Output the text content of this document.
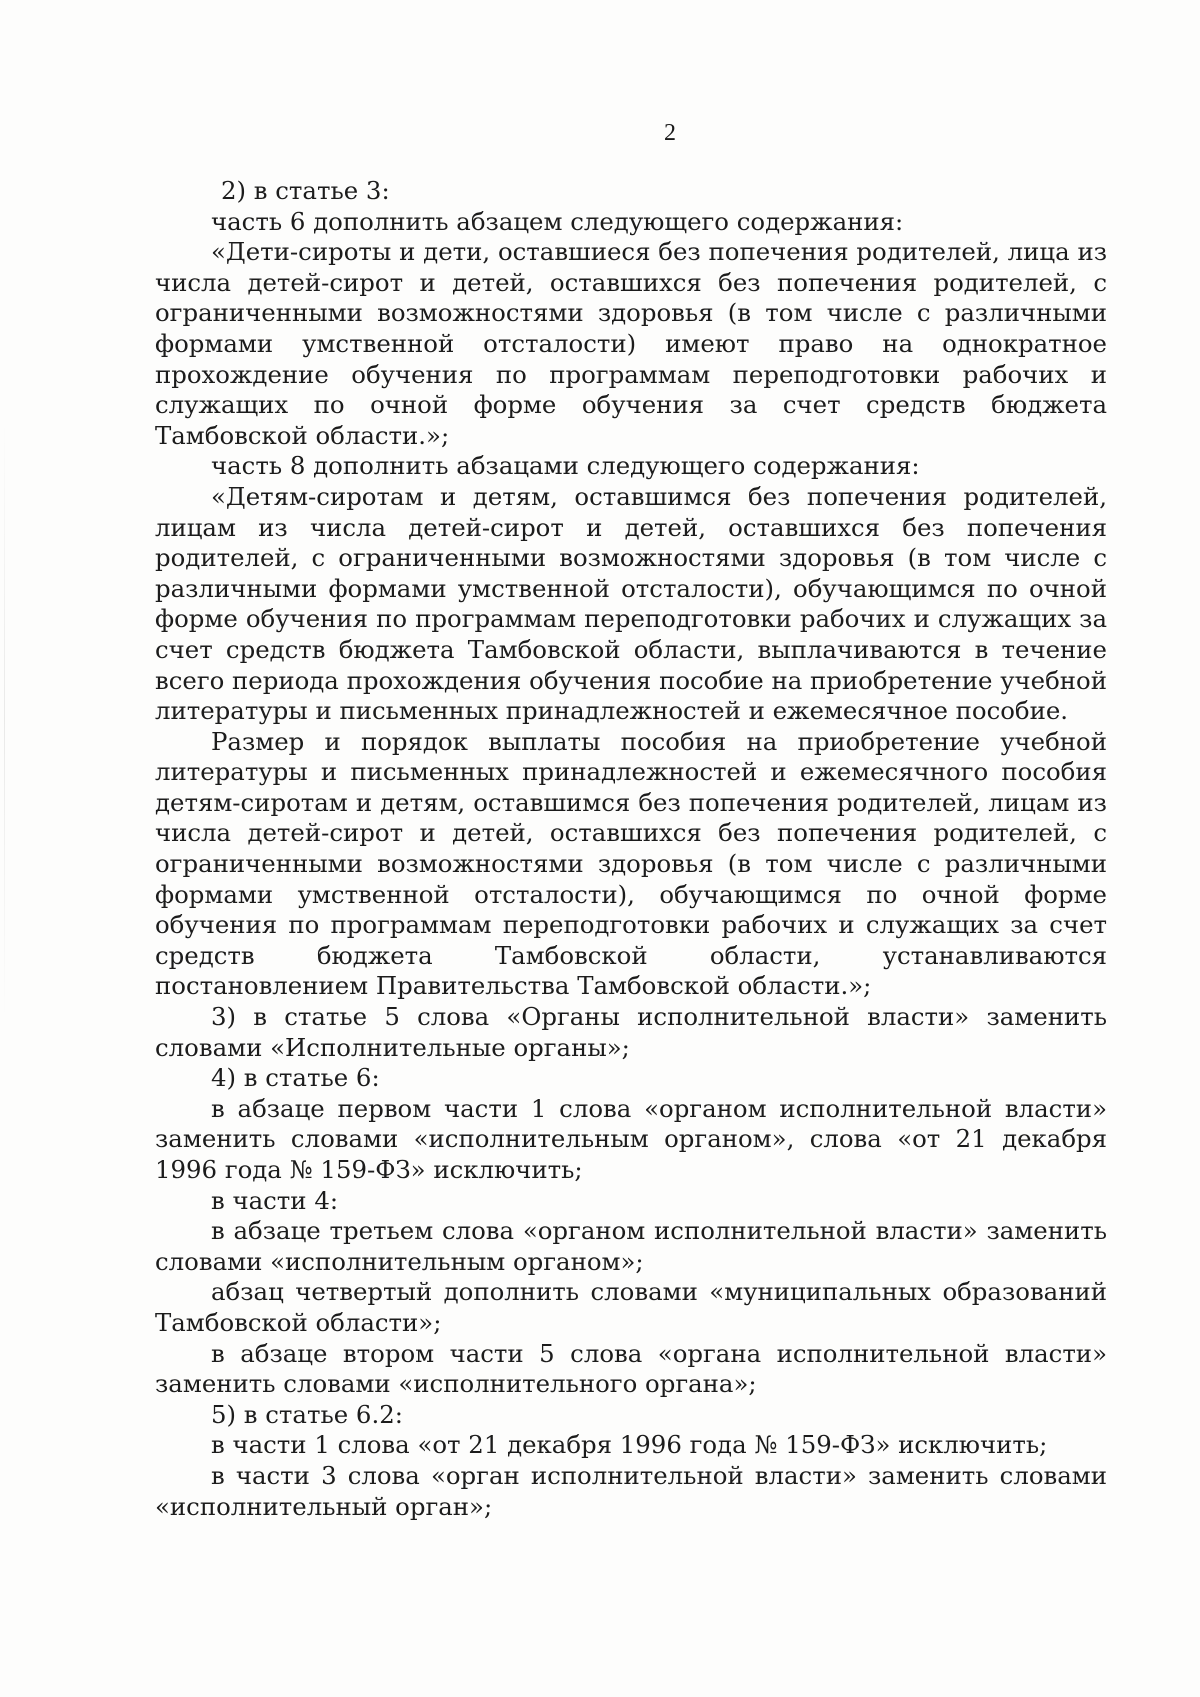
2

2) в статье 3:

часть 6 дополнить абзацем следующего содержания:

«Дети-сироты и дети, оставшиеся без попечения родителей, лица из числа детей-сирот и детей, оставшихся без попечения родителей, с ограниченными возможностями здоровья (в том числе с различными формами умственной отсталости) имеют право на однократное прохождение обучения по программам переподготовки рабочих и служащих по очной форме обучения за счет средств бюджета Тамбовской области.»;

часть 8 дополнить абзацами следующего содержания:

«Детям-сиротам и детям, оставшимся без попечения родителей, лицам из числа детей-сирот и детей, оставшихся без попечения родителей, с ограниченными возможностями здоровья (в том числе с различными формами умственной отсталости), обучающимся по очной форме обучения по программам переподготовки рабочих и служащих за счет средств бюджета Тамбовской области, выплачиваются в течение всего периода прохождения обучения пособие на приобретение учебной литературы и письменных принадлежностей и ежемесячное пособие.

Размер и порядок выплаты пособия на приобретение учебной литературы и письменных принадлежностей и ежемесячного пособия детям-сиротам и детям, оставшимся без попечения родителей, лицам из числа детей-сирот и детей, оставшихся без попечения родителей, с ограниченными возможностями здоровья (в том числе с различными формами умственной отсталости), обучающимся по очной форме обучения по программам переподготовки рабочих и служащих за счет средств бюджета Тамбовской области, устанавливаются постановлением Правительства Тамбовской области.»;

3) в статье 5 слова «Органы исполнительной власти» заменить словами «Исполнительные органы»;

4) в статье 6:

в абзаце первом части 1 слова «органом исполнительной власти» заменить словами «исполнительным органом», слова «от 21 декабря 1996 года № 159-ФЗ» исключить;

в части 4:

в абзаце третьем слова «органом исполнительной власти» заменить словами «исполнительным органом»;

абзац четвертый дополнить словами «муниципальных образований Тамбовской области»;

в абзаце втором части 5 слова «органа исполнительной власти» заменить словами «исполнительного органа»;

5) в статье 6.2:

в части 1 слова «от 21 декабря 1996 года № 159-ФЗ» исключить;

в части 3 слова «орган исполнительной власти» заменить словами «исполнительный орган»;
